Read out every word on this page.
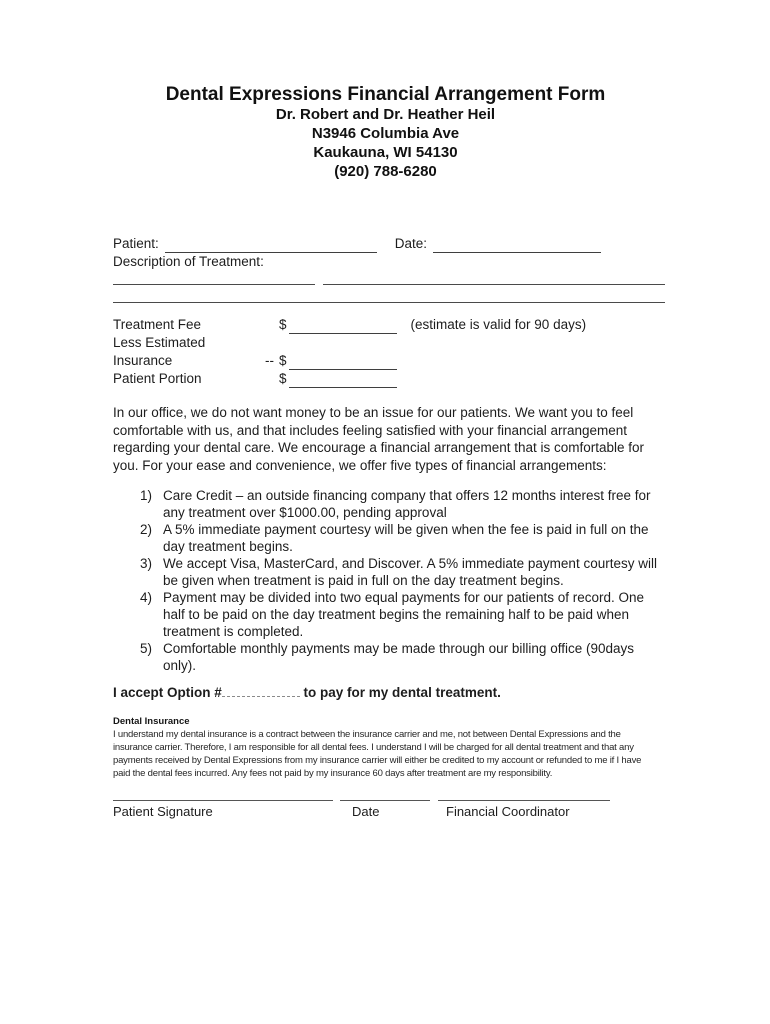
Dental Expressions Financial Arrangement Form
Dr. Robert and Dr. Heather Heil
N3946 Columbia Ave
Kaukauna, WI 54130
(920) 788-6280
Patient:	Date:
Description of Treatment:
Treatment Fee	$	(estimate is valid for 90 days)
Less Estimated Insurance	-- $
Patient Portion	$
In our office, we do not want money to be an issue for our patients. We want you to feel comfortable with us, and that includes feeling satisfied with your financial arrangement regarding your dental care. We encourage a financial arrangement that is comfortable for you. For your ease and convenience, we offer five types of financial arrangements:
1) Care Credit – an outside financing company that offers 12 months interest free for any treatment over $1000.00, pending approval
2) A 5% immediate payment courtesy will be given when the fee is paid in full on the day treatment begins.
3) We accept Visa, MasterCard, and Discover. A 5% immediate payment courtesy will be given when treatment is paid in full on the day treatment begins.
4) Payment may be divided into two equal payments for our patients of record. One half to be paid on the day treatment begins the remaining half to be paid when treatment is completed.
5) Comfortable monthly payments may be made through our billing office (90days only).
I accept Option #	to pay for my dental treatment.
Dental Insurance
I understand my dental insurance is a contract between the insurance carrier and me, not between Dental Expressions and the insurance carrier. Therefore, I am responsible for all dental fees. I understand I will be charged for all dental treatment and that any payments received by Dental Expressions from my insurance carrier will either be credited to my account or refunded to me if I have paid the dental fees incurred. Any fees not paid by my insurance 60 days after treatment are my responsibility.
Patient Signature	Date	Financial Coordinator
